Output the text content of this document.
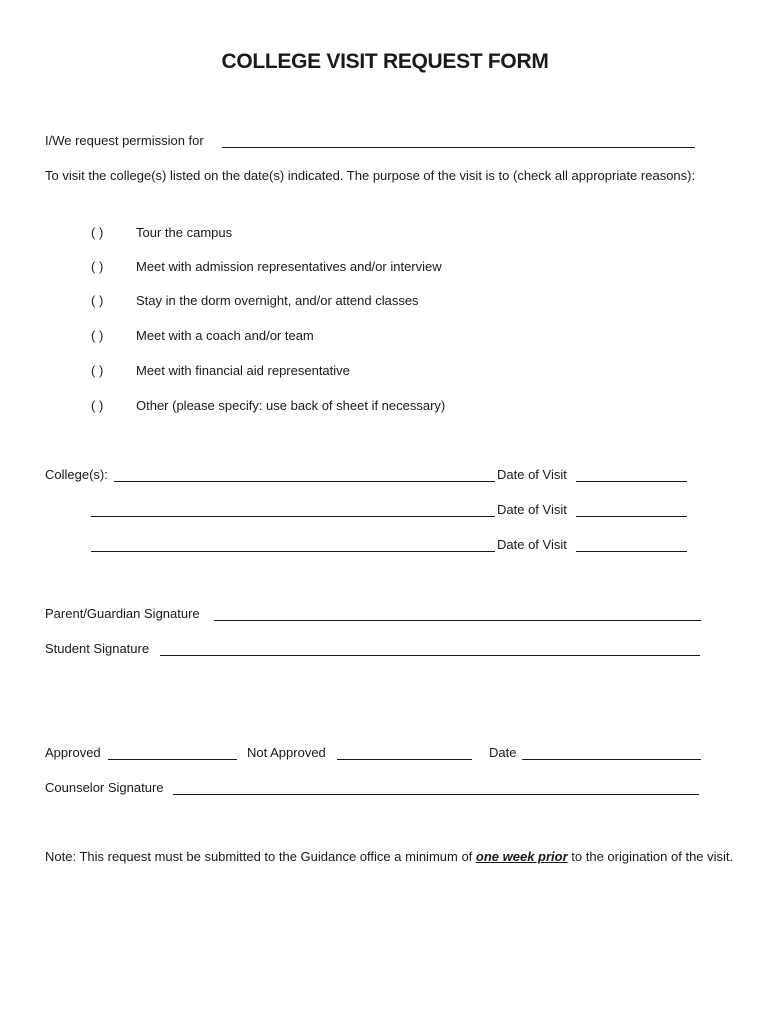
COLLEGE VISIT REQUEST FORM
I/We request permission for
To visit the college(s) listed on the date(s) indicated. The purpose of the visit is to (check all appropriate reasons):
( )	Tour the campus
( )	Meet with admission representatives and/or interview
( )	Stay in the dorm overnight, and/or attend classes
( )	Meet with a coach and/or team
( )	Meet with financial aid representative
( )	Other (please specify: use back of sheet if necessary)
College(s):	Date of Visit
Date of Visit
Date of Visit
Parent/Guardian Signature
Student Signature
Approved	Not Approved	Date
Counselor Signature
Note: This request must be submitted to the Guidance office a minimum of one week prior to the origination of the visit.
